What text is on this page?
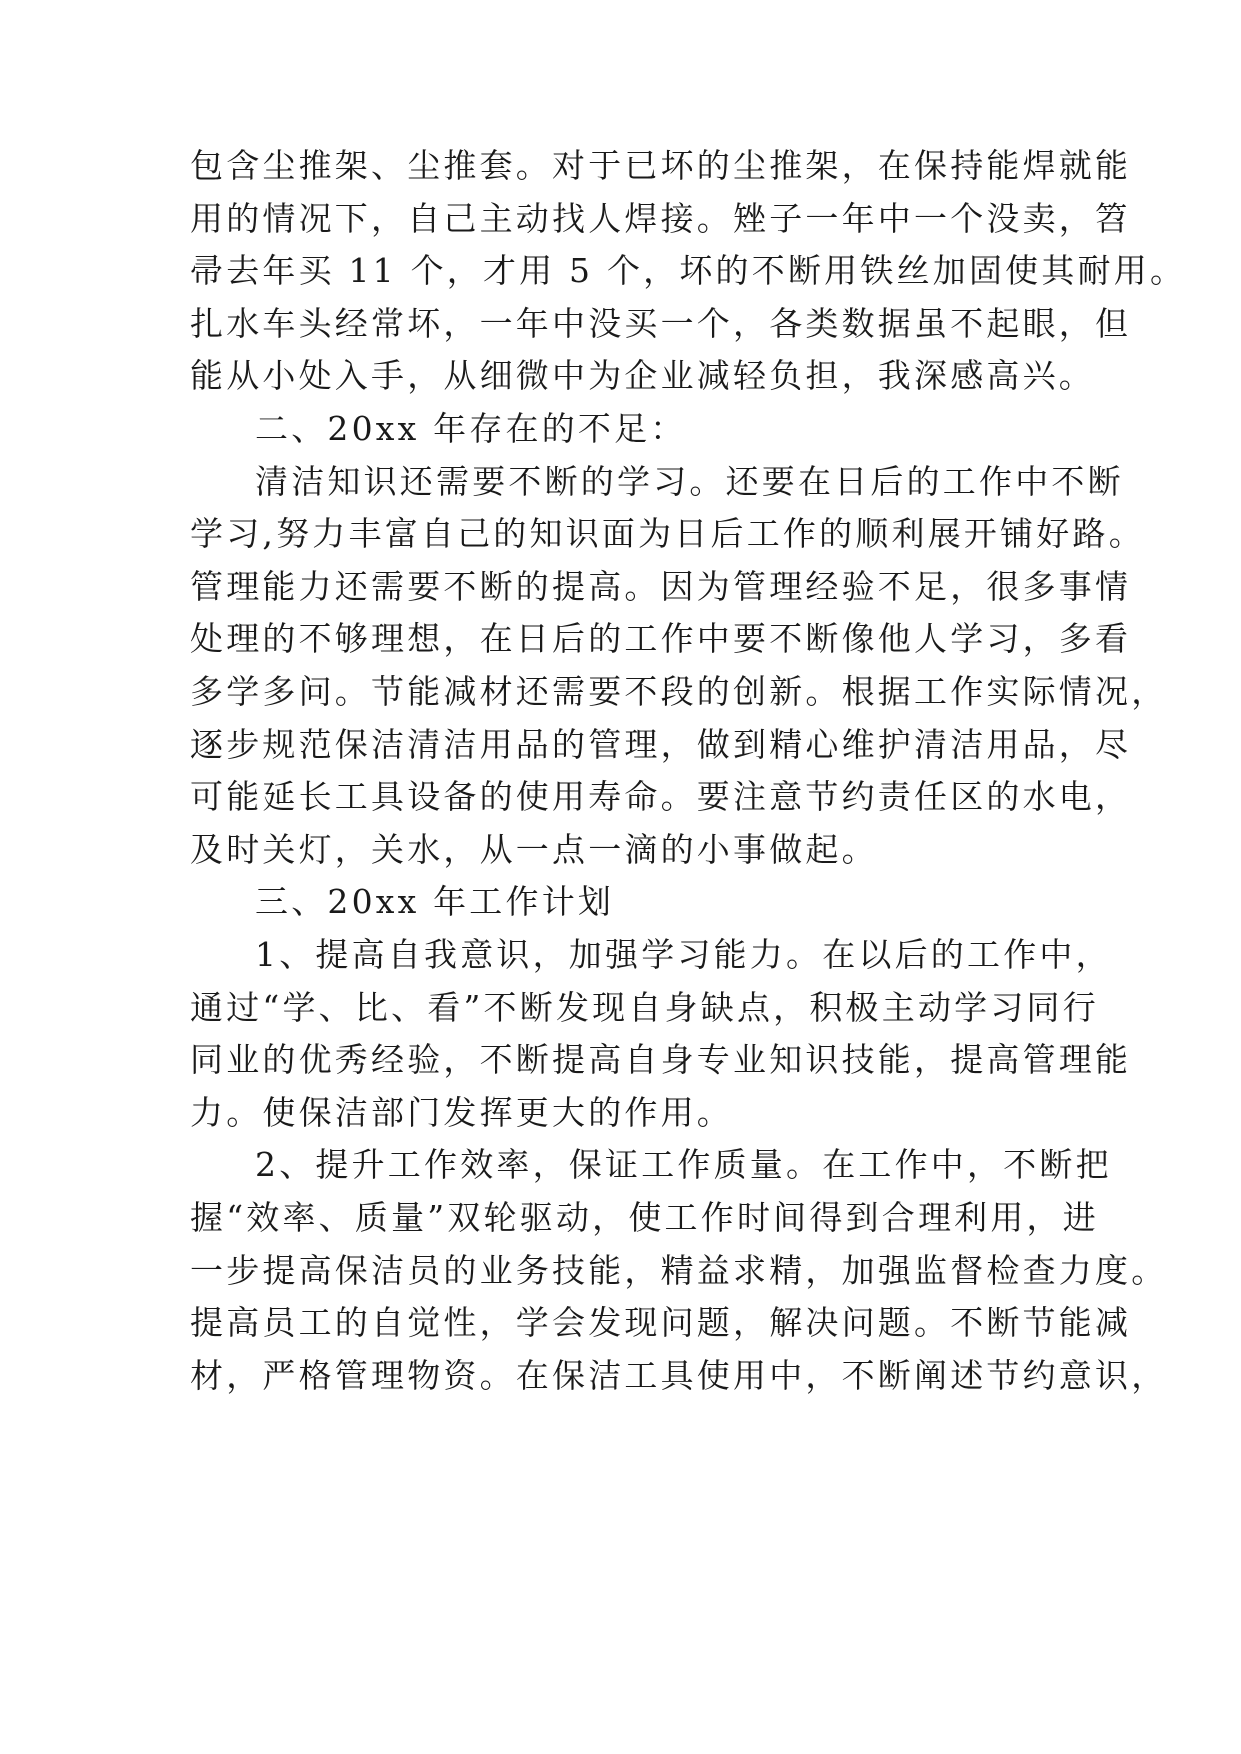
包含尘推架、尘推套。对于已坏的尘推架，在保持能焊就能
用的情况下，自己主动找人焊接。矬子一年中一个没卖，笤
帚去年买 11 个，才用 5 个，坏的不断用铁丝加固使其耐用。
扎水车头经常坏，一年中没买一个，各类数据虽不起眼，但
能从小处入手，从细微中为企业减轻负担，我深感高兴。
二、20xx 年存在的不足：
清洁知识还需要不断的学习。还要在日后的工作中不断
学习,努力丰富自己的知识面为日后工作的顺利展开铺好路。
管理能力还需要不断的提高。因为管理经验不足，很多事情
处理的不够理想，在日后的工作中要不断像他人学习，多看
多学多问。节能减材还需要不段的创新。根据工作实际情况，
逐步规范保洁清洁用品的管理，做到精心维护清洁用品，尽
可能延长工具设备的使用寿命。要注意节约责任区的水电，
及时关灯，关水，从一点一滴的小事做起。
三、20xx 年工作计划
1、提高自我意识，加强学习能力。在以后的工作中，
通过“学、比、看”不断发现自身缺点，积极主动学习同行
同业的优秀经验，不断提高自身专业知识技能，提高管理能
力。使保洁部门发挥更大的作用。
2、提升工作效率，保证工作质量。在工作中，不断把
握“效率、质量”双轮驱动，使工作时间得到合理利用，进
一步提高保洁员的业务技能，精益求精，加强监督检查力度。
提高员工的自觉性，学会发现问题，解决问题。不断节能减
材，严格管理物资。在保洁工具使用中，不断阐述节约意识，
